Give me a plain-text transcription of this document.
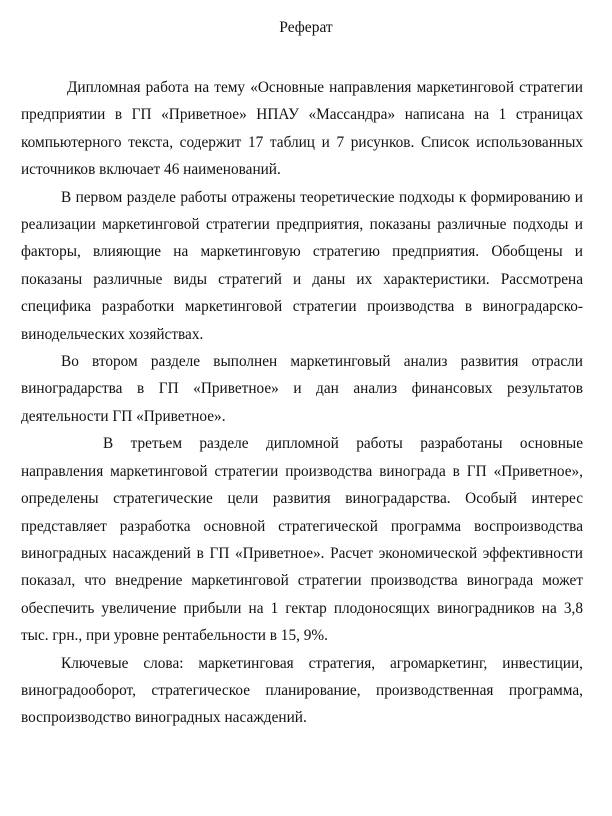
Реферат

Дипломная работа на тему «Основные направления маркетинговой стратегии предприятии в ГП «Приветное» НПАУ «Массандра» написана на 1 страницах компьютерного текста, содержит 17 таблиц и 7 рисунков. Список использованных источников включает 46 наименований.

В первом разделе работы отражены теоретические подходы к формированию и реализации маркетинговой стратегии предприятия, показаны различные подходы и факторы, влияющие на маркетинговую стратегию предприятия. Обобщены и показаны различные виды стратегий и даны их характеристики. Рассмотрена специфика разработки маркетинговой стратегии производства в виноградарско-винодельческих хозяйствах.

Во втором разделе выполнен маркетинговый анализ развития отрасли виноградарства в ГП «Приветное» и дан анализ финансовых результатов деятельности ГП «Приветное».

В третьем разделе дипломной работы разработаны основные направления маркетинговой стратегии производства винограда в ГП «Приветное», определены стратегические цели развития виноградарства. Особый интерес представляет разработка основной стратегической программа воспроизводства виноградных насаждений в ГП «Приветное». Расчет экономической эффективности показал, что внедрение маркетинговой стратегии производства винограда может обеспечить увеличение прибыли на 1 гектар плодоносящих виноградников на 3,8 тыс. грн., при уровне рентабельности в 15, 9%.

Ключевые слова: маркетинговая стратегия, агромаркетинг, инвестиции, виноградооборот, стратегическое планирование, производственная программа, воспроизводство виноградных насаждений.
